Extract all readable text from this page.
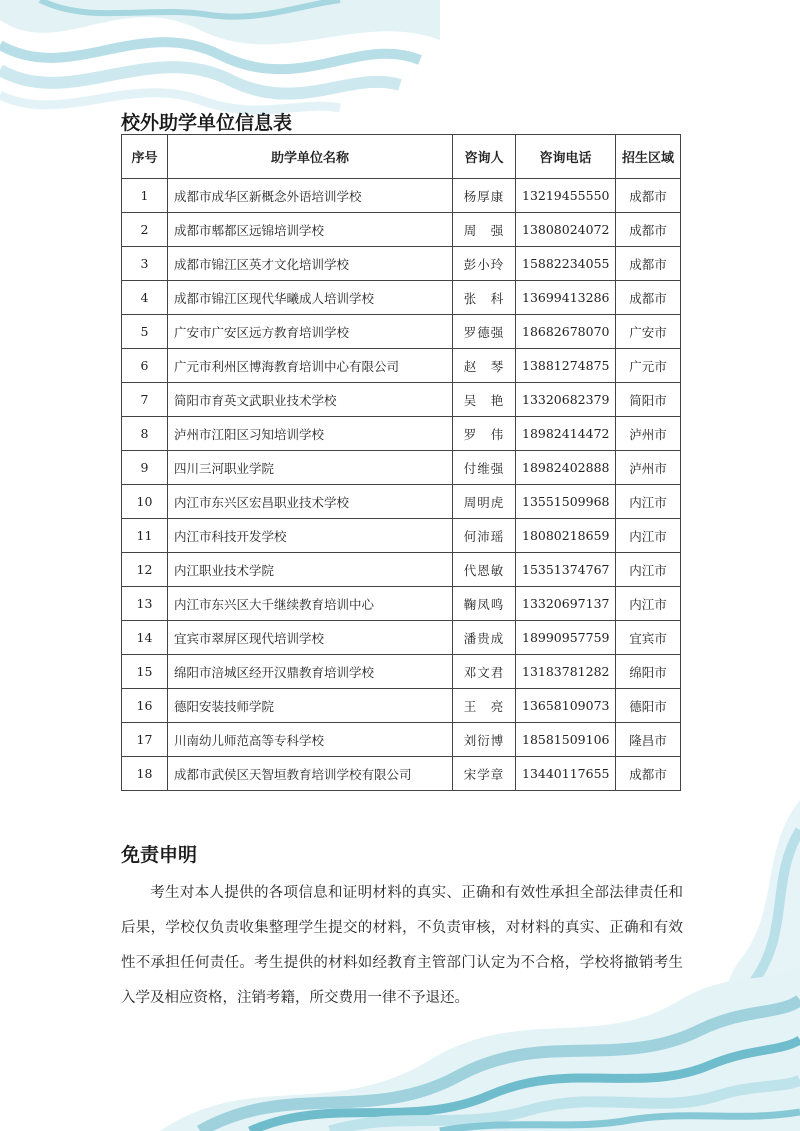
校外助学单位信息表
序号	助学单位名称	咨询人	咨询电话	招生区域
1	成都市成华区新概念外语培训学校	杨厚康	13219455550	成都市
2	成都市郫都区远锦培训学校	周　强	13808024072	成都市
3	成都市锦江区英才文化培训学校	彭小玲	15882234055	成都市
4	成都市锦江区现代华曦成人培训学校	张　科	13699413286	成都市
5	广安市广安区远方教育培训学校	罗德强	18682678070	广安市
6	广元市利州区博海教育培训中心有限公司	赵　琴	13881274875	广元市
7	简阳市育英文武职业技术学校	吴　艳	13320682379	简阳市
8	泸州市江阳区习知培训学校	罗　伟	18982414472	泸州市
9	四川三河职业学院	付维强	18982402888	泸州市
10	内江市东兴区宏昌职业技术学校	周明虎	13551509968	内江市
11	内江市科技开发学校	何沛瑶	18080218659	内江市
12	内江职业技术学院	代恩敏	15351374767	内江市
13	内江市东兴区大千继续教育培训中心	鞠凤鸣	13320697137	内江市
14	宜宾市翠屏区现代培训学校	潘贵成	18990957759	宜宾市
15	绵阳市涪城区经开汉鼎教育培训学校	邓文君	13183781282	绵阳市
16	德阳安装技师学院	王　亮	13658109073	德阳市
17	川南幼儿师范高等专科学校	刘衍博	18581509106	隆昌市
18	成都市武侯区天智垣教育培训学校有限公司	宋学章	13440117655	成都市
免责申明

考生对本人提供的各项信息和证明材料的真实、正确和有效性承担全部法律责任和后果，学校仅负责收集整理学生提交的材料，不负责审核，对材料的真实、正确和有效性不承担任何责任。考生提供的材料如经教育主管部门认定为不合格，学校将撤销考生入学及相应资格，注销考籍，所交费用一律不予退还。
